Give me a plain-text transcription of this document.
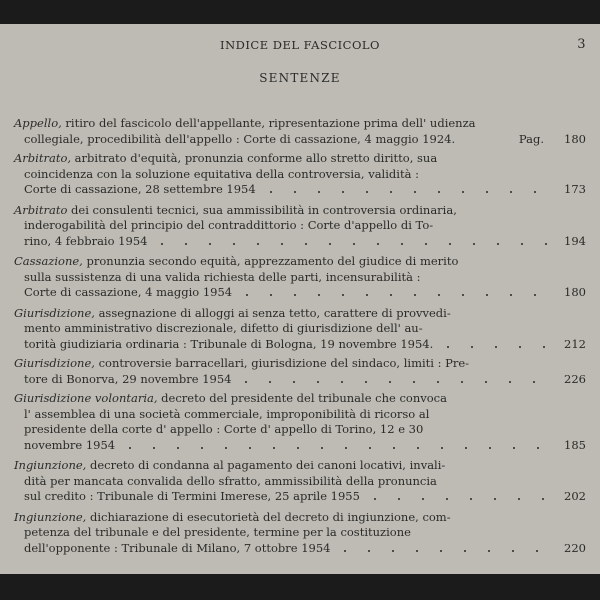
INDICE DEL FASCICOLO	3
SENTENZE
Appello, ritiro del fascicolo dell'appellante, ripresentazione prima dell' udienza
collegiale, procedibilità dell'appello : Corte di cassazione, 4 maggio 1924.	Pag. 180
Arbitrato, arbitrato d'equità, pronunzia conforme allo stretto diritto, sua
coincidenza con la soluzione equitativa della controversia, validità :
Corte di cassazione, 28 settembre 1954	173
Arbitrato dei consulenti tecnici, sua ammissibilità in controversia ordinaria,
inderogabilità del principio del contraddittorio : Corte d'appello di To-
rino, 4 febbraio 1954	194
Cassazione, pronunzia secondo equità, apprezzamento del giudice di merito
sulla sussistenza di una valida richiesta delle parti, incensurabilità :
Corte di cassazione, 4 maggio 1954	180
Giurisdizione, assegnazione di alloggi ai senza tetto, carattere di provvedi-
mento amministrativo discrezionale, difetto di giurisdizione dell' au-
torità giudiziaria ordinaria : Tribunale di Bologna, 19 novembre 1954.	212
Giurisdizione, controversie barracellari, giurisdizione del sindaco, limiti : Pre-
tore di Bonorva, 29 novembre 1954	226
Giurisdizione volontaria, decreto del presidente del tribunale che convoca
l' assemblea di una società commerciale, improponibilità di ricorso al
presidente della corte d' appello : Corte d' appello di Torino, 12 e 30
novembre 1954	185
Ingiunzione, decreto di condanna al pagamento dei canoni locativi, invali-
dità per mancata convalida dello sfratto, ammissibilità della pronuncia
sul credito : Tribunale di Termini Imerese, 25 aprile 1955	202
Ingiunzione, dichiarazione di esecutorietà del decreto di ingiunzione, com-
petenza del tribunale e del presidente, termine per la costituzione
dell'opponente : Tribunale di Milano, 7 ottobre 1954	220
